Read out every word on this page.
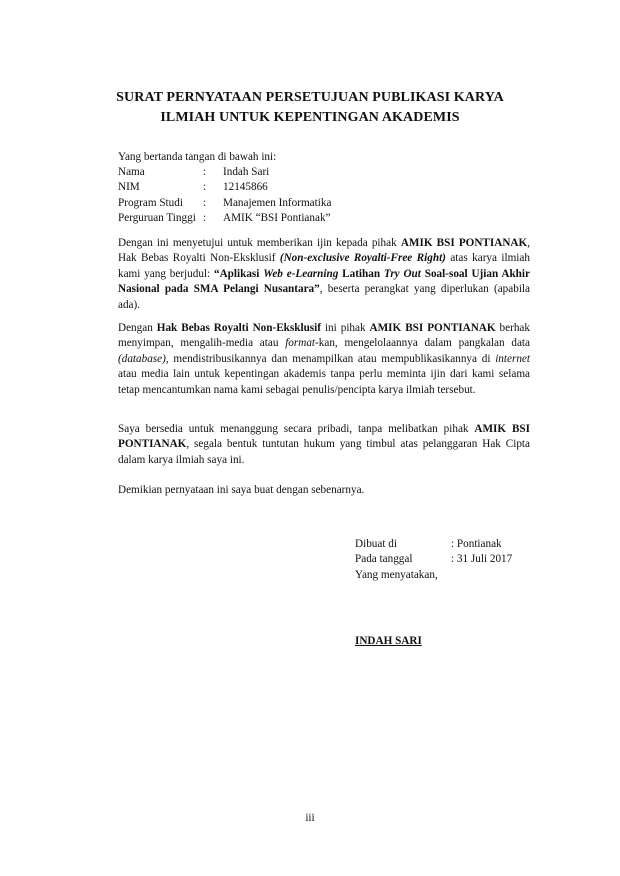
SURAT PERNYATAAN PERSETUJUAN PUBLIKASI KARYA
ILMIAH UNTUK KEPENTINGAN AKADEMIS
Yang bertanda tangan di bawah ini:
Nama	:	Indah Sari
NIM	:	12145866
Program Studi	:	Manajemen Informatika
Perguruan Tinggi :	AMIK “BSI Pontianak”

Dengan ini menyetujui untuk memberikan ijin kepada pihak AMIK BSI PONTIANAK, Hak Bebas Royalti Non-Eksklusif (Non-exclusive Royalti-Free Right) atas karya ilmiah kami yang berjudul: “Aplikasi Web e-Learning Latihan Try Out Soal-soal Ujian Akhir Nasional pada SMA Pelangi Nusantara”, beserta perangkat yang diperlukan (apabila ada).

Dengan Hak Bebas Royalti Non-Eksklusif ini pihak AMIK BSI PONTIANAK berhak menyimpan, mengalih-media atau format-kan, mengelolaannya dalam pangkalan data (database), mendistribusikannya dan menampilkan atau mempublikasikannya di internet atau media lain untuk kepentingan akademis tanpa perlu meminta ijin dari kami selama tetap mencantumkan nama kami sebagai penulis/pencipta karya ilmiah tersebut.

Saya bersedia untuk menanggung secara pribadi, tanpa melibatkan pihak AMIK BSI PONTIANAK, segala bentuk tuntutan hukum yang timbul atas pelanggaran Hak Cipta dalam karya ilmiah saya ini.

Demikian pernyataan ini saya buat dengan sebenarnya.

Dibuat di	: Pontianak
Pada tanggal	: 31 Juli 2017
Yang menyatakan,
INDAH SARI
iii
